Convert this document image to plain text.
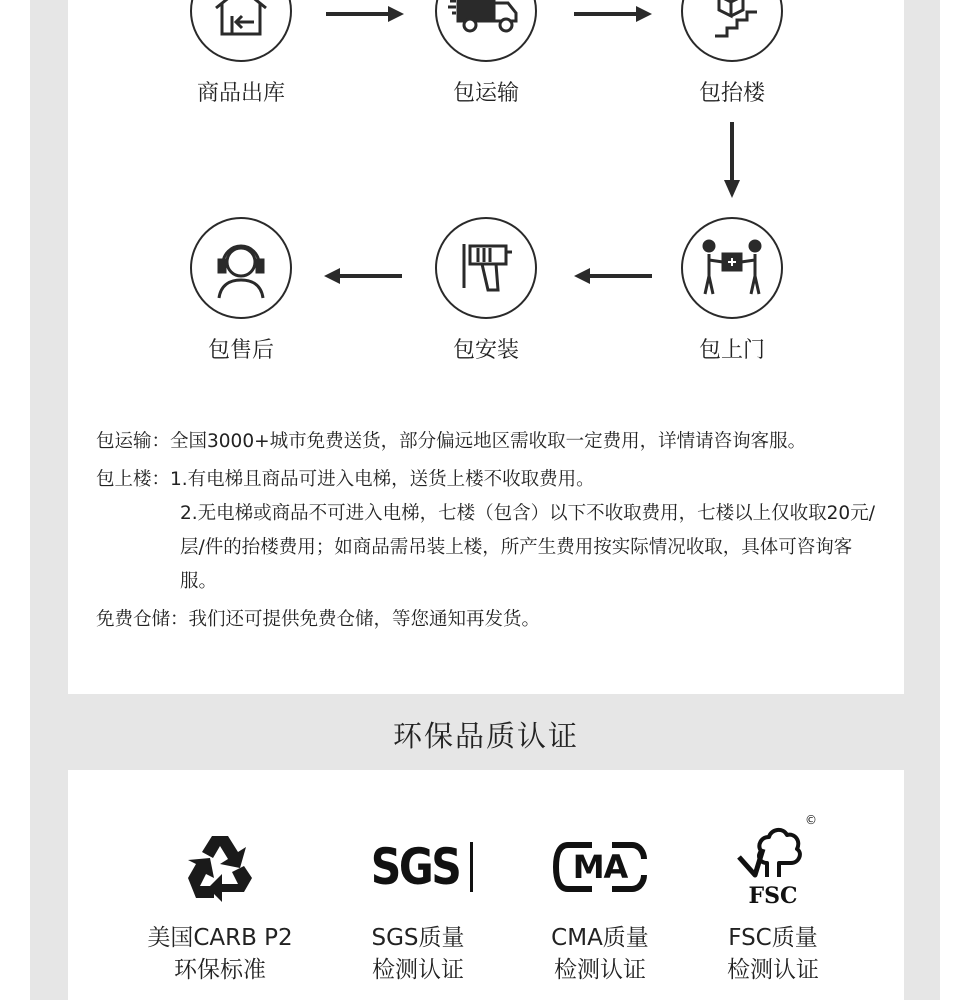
商品出库	包运输	包抬楼
包售后	包安装	包上门
包运输： 全国3000+城市免费送货，部分偏远地区需收取一定费用，详情请咨询客服。
包上楼： 1.有电梯且商品可进入电梯，送货上楼不收取费用。
2.无电梯或商品不可进入电梯，七楼（包含）以下不收取费用，七楼以上仅收取20元/层/件的抬楼费用；如商品需吊装上楼，所产生费用按实际情况收取，具体可咨询客服。
免费仓储： 我们还可提供免费仓储，等您通知再发货。
环保品质认证
美国CARB P2
环保标准
SGS
SGS质量
检测认证
MA
CMA质量
检测认证
©
FSC
FSC质量
检测认证
